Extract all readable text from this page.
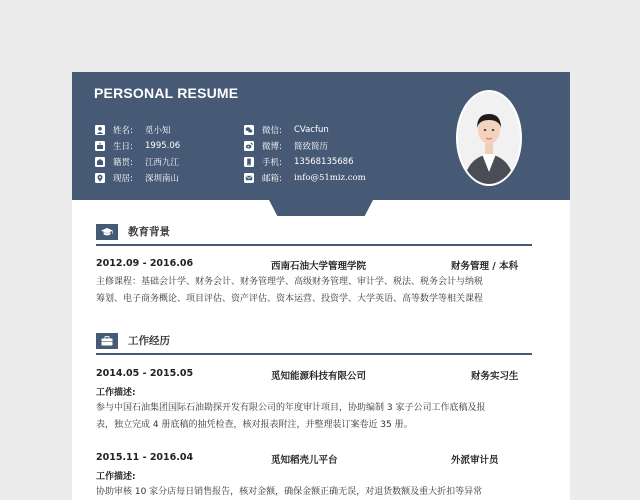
PERSONAL RESUME
姓名:	觅小知
生日:	1995.06
籍贯:	江西九江
现居:	深圳南山
微信:	CVacfun
微博:	简致简历
手机:	13568135686
邮箱:	info@51miz.com
教育背景
2012.09 - 2016.06	西南石油大学管理学院	财务管理 / 本科
主修课程：基础会计学、财务会计、财务管理学、高级财务管理、审计学、税法、税务会计与纳税
筹划、电子商务概论、项目评估、资产评估、资本运营、投资学、大学英语、高等数学等相关课程
工作经历
2014.05 - 2015.05	觅知能源科技有限公司	财务实习生
工作描述:
参与中国石油集团国际石油勘探开发有限公司的年度审计项目，协助编制 3 家子公司工作底稿及报
表，独立完成 4 册底稿的抽凭检查，核对报表附注，并整理装订案卷近 35 册。
2015.11 - 2016.04	觅知稻壳儿平台	外派审计员
工作描述:
协助审核 10 家分店每日销售报告，核对金额，确保金额正确无误，对退货数额及重大折扣等异常
